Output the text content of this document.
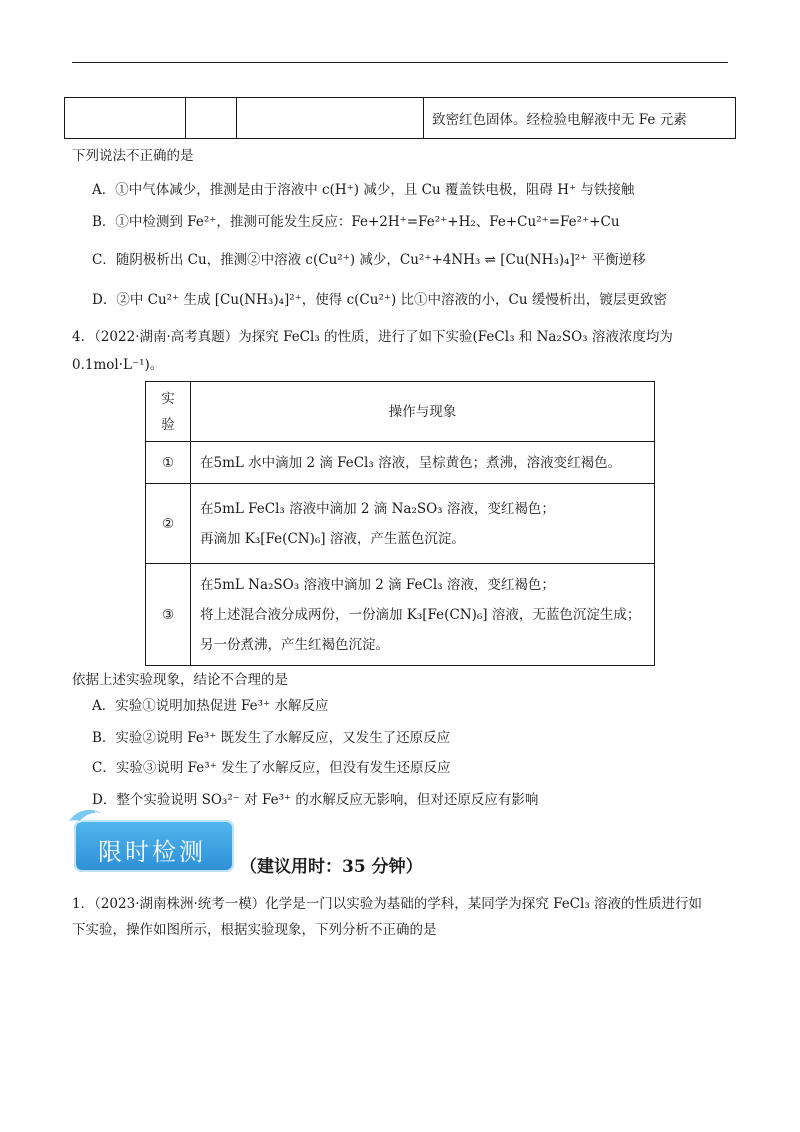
			致密红色固体。经检验电解液中无 Fe 元素
下列说法不正确的是
A．①中气体减少，推测是由于溶液中 c(H⁺) 减少，且 Cu 覆盖铁电极，阻碍 H⁺ 与铁接触
B．①中检测到 Fe²⁺，推测可能发生反应：Fe+2H⁺=Fe²⁺+H₂、Fe+Cu²⁺=Fe²⁺+Cu
C．随阴极析出 Cu，推测②中溶液 c(Cu²⁺) 减少，Cu²⁺+4NH₃ ⇌ [Cu(NH₃)₄]²⁺ 平衡逆移
D．②中 Cu²⁺ 生成 [Cu(NH₃)₄]²⁺，使得 c(Cu²⁺) 比①中溶液的小，Cu 缓慢析出，镀层更致密
4．（2022·湖南·高考真题）为探究 FeCl₃ 的性质，进行了如下实验(FeCl₃ 和 Na₂SO₃ 溶液浓度均为
0.1mol·L⁻¹)。
实
验	操作与现象
①	在5mL 水中滴加 2 滴 FeCl₃ 溶液，呈棕黄色；煮沸，溶液变红褐色。

②	在5mL FeCl₃ 溶液中滴加 2 滴 Na₂SO₃ 溶液，变红褐色；
再滴加 K₃[Fe(CN)₆] 溶液，产生蓝色沉淀。

③	在5mL Na₂SO₃ 溶液中滴加 2 滴 FeCl₃ 溶液，变红褐色；
将上述混合液分成两份，一份滴加 K₃[Fe(CN)₆] 溶液，无蓝色沉淀生成；
另一份煮沸，产生红褐色沉淀。
依据上述实验现象，结论不合理的是
A．实验①说明加热促进 Fe³⁺ 水解反应
B．实验②说明 Fe³⁺ 既发生了水解反应，又发生了还原反应
C．实验③说明 Fe³⁺ 发生了水解反应，但没有发生还原反应
D．整个实验说明 SO₃²⁻ 对 Fe³⁺ 的水解反应无影响，但对还原反应有影响
限时检测
（建议用时：35 分钟）
1．（2023·湖南株洲·统考一模）化学是一门以实验为基础的学科，某同学为探究 FeCl₃ 溶液的性质进行如
下实验，操作如图所示，根据实验现象，下列分析不正确的是
